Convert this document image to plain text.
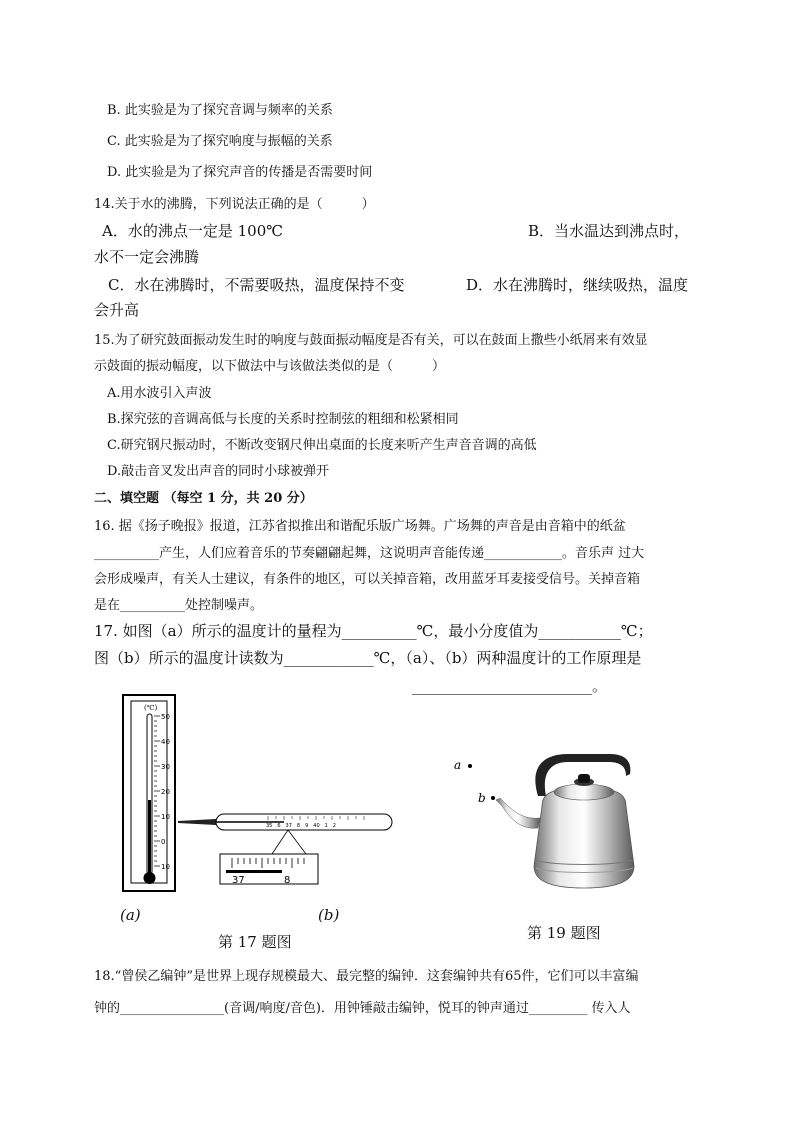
B. 此实验是为了探究音调与频率的关系
C. 此实验是为了探究响度与振幅的关系
D. 此实验是为了探究声音的传播是否需要时间
14.关于水的沸腾，下列说法正确的是（　　　）
A．水的沸点一定是 100℃	B．当水温达到沸点时，
水不一定会沸腾
C．水在沸腾时，不需要吸热，温度保持不变	D．水在沸腾时，继续吸热，温度
会升高
15.为了研究鼓面振动发生时的响度与鼓面振动幅度是否有关，可以在鼓面上撒些小纸屑来有效显
示鼓面的振动幅度，以下做法中与该做法类似的是（　　　）
A.用水波引入声波
B.探究弦的音调高低与长度的关系时控制弦的粗细和松紧相同
C.研究钢尺振动时，不断改变钢尺伸出桌面的长度来听产生声音音调的高低
D.敲击音叉发出声音的同时小球被弹开
二、填空题 （每空 1 分，共 20 分）
16. 据《扬子晚报》报道，江苏省拟推出和谐配乐版广场舞。广场舞的声音是由音箱中的纸盆
__________产生，人们应着音乐的节奏翩翩起舞，这说明声音能传递____________。音乐声 过大
会形成噪声，有关人士建议，有条件的地区，可以关掉音箱，改用蓝牙耳麦接受信号。关掉音箱
是在__________处控制噪声。
17. 如图（a）所示的温度计的量程为__________℃，最小分度值为___________℃；
图（b）所示的温度计读数为____________℃，（a）、（b）两种温度计的工作原理是
________________________。
(℃)
50
40
30
20
10
0
10
35　6　37　8　9　40　1　2
37	8
(a)	(b)
第 17 题图
a
b
第 19 题图
18.“曾侯乙编钟”是世界上现存规模最大、最完整的编钟．这套编钟共有65件，它们可以丰富编
钟的________________(音调/响度/音色)．用钟锤敲击编钟，悦耳的钟声通过_________ 传入人
